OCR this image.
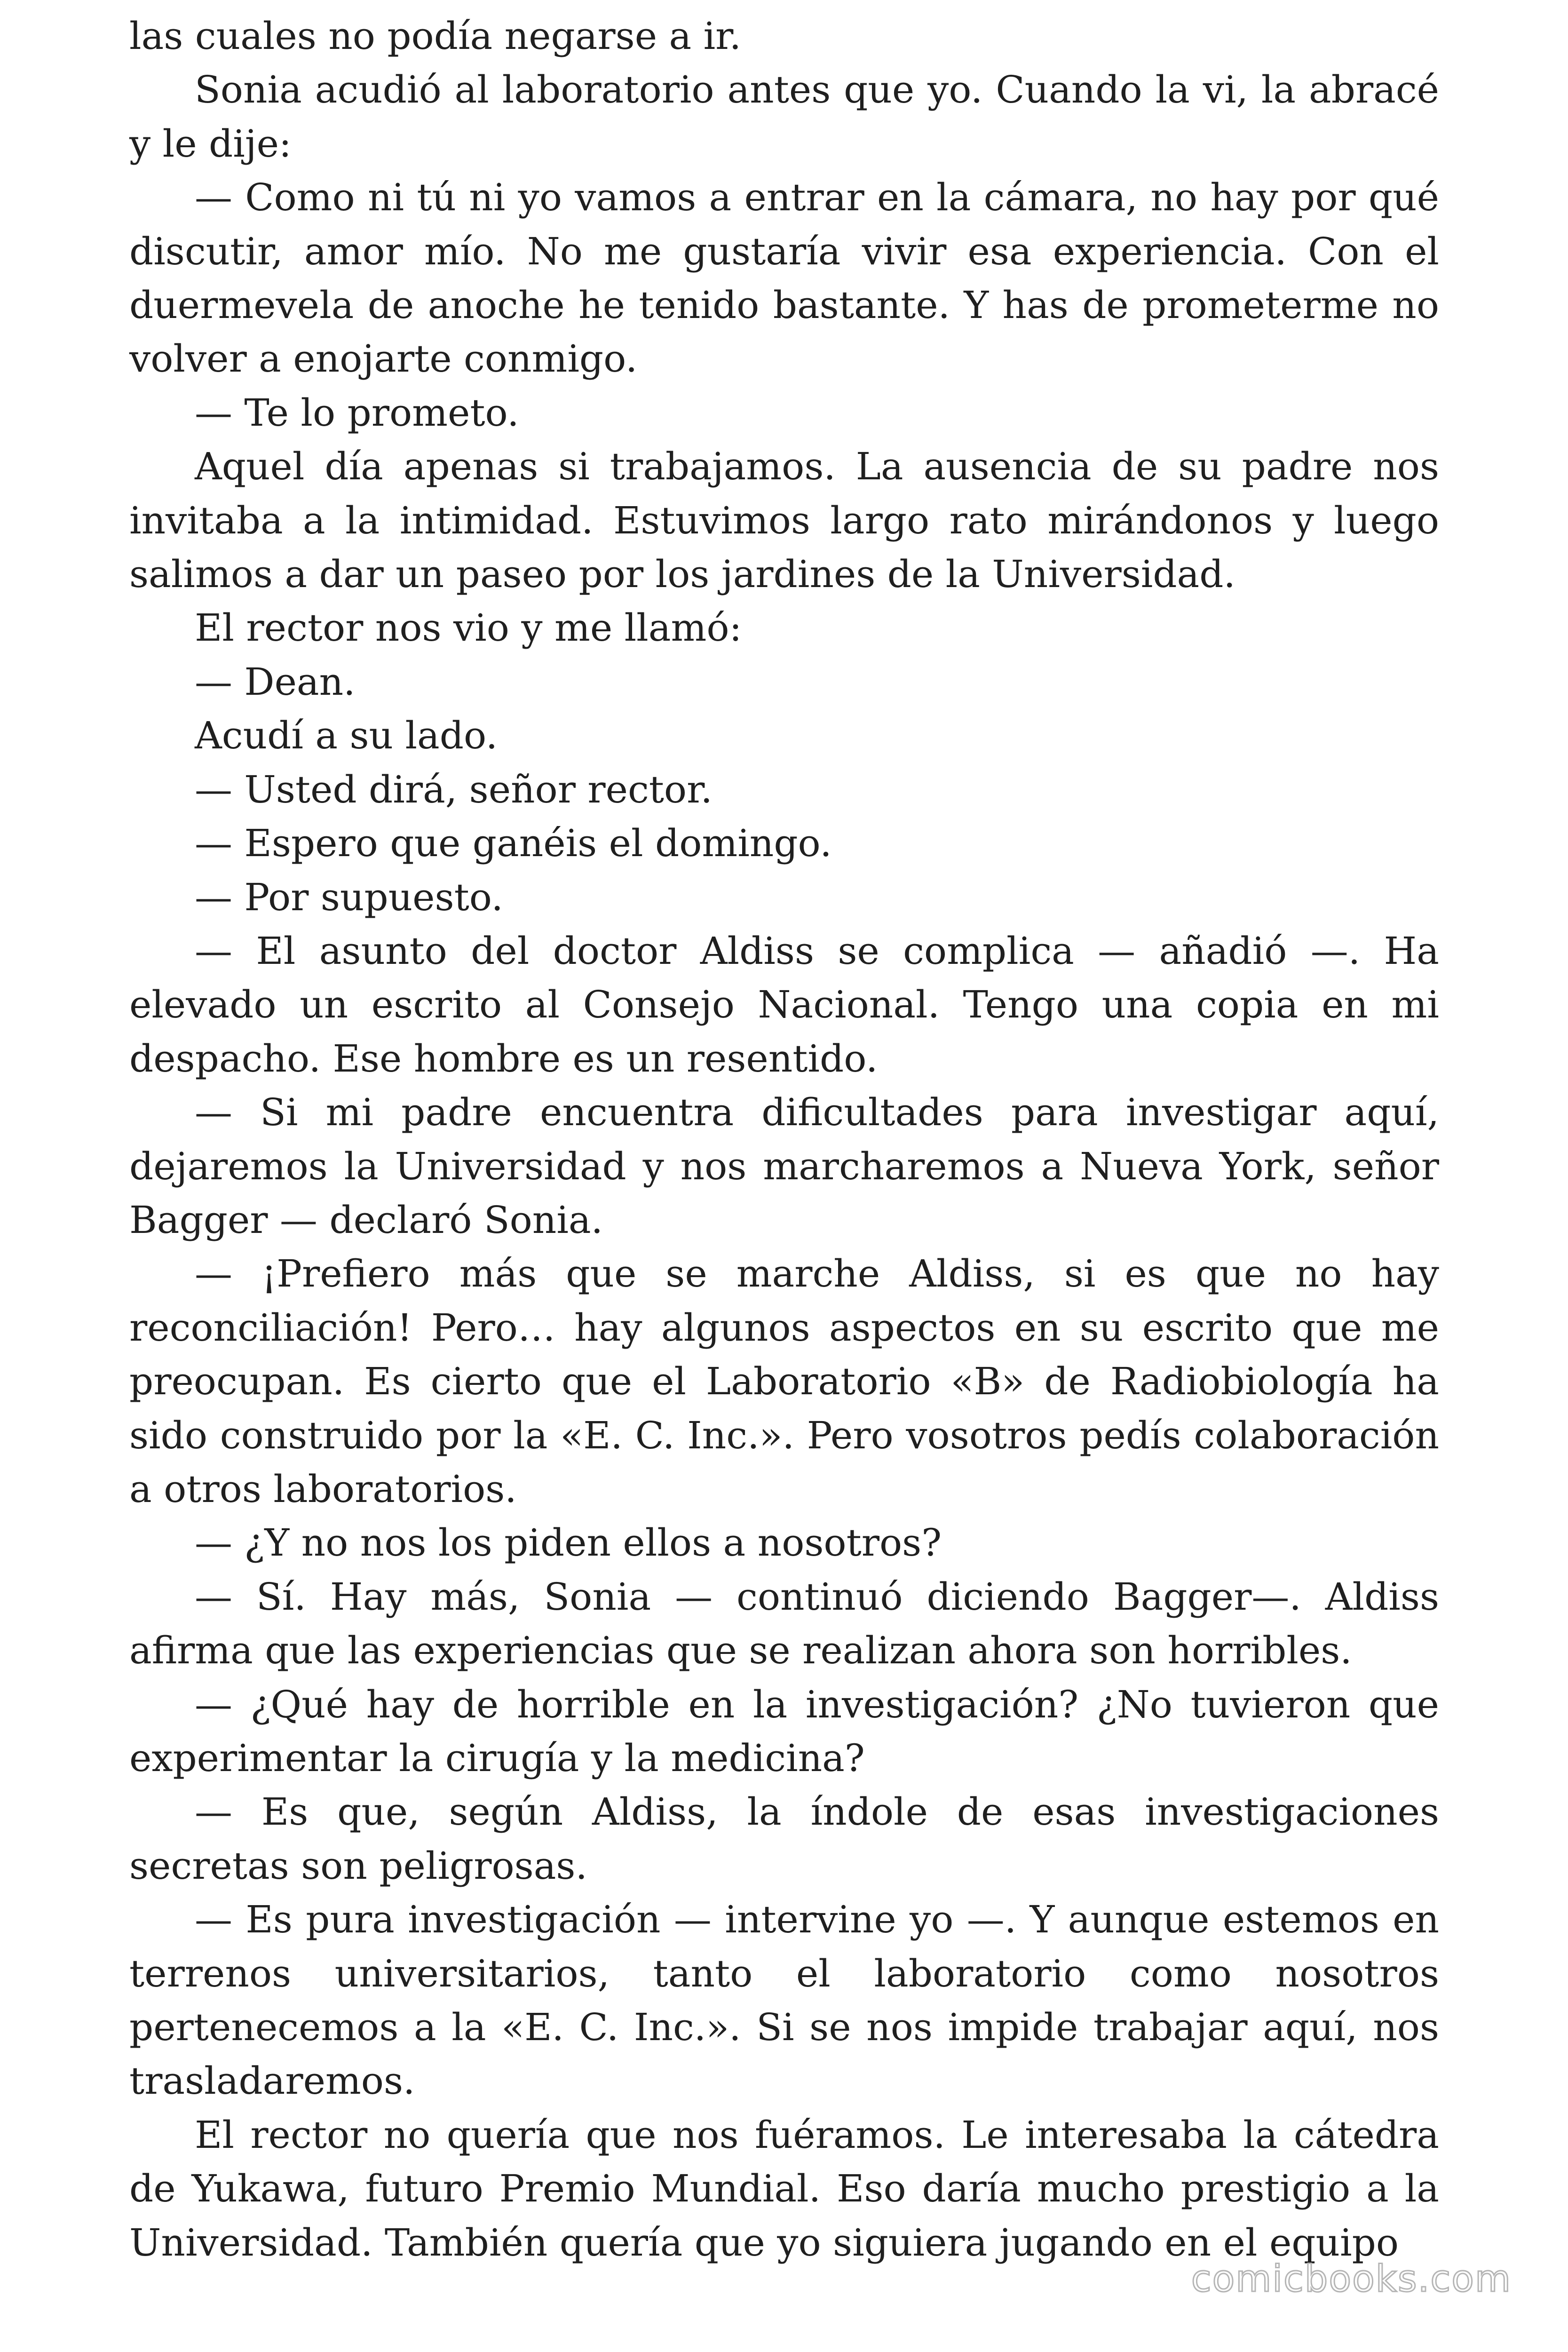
las cuales no podía negarse a ir.

Sonia acudió al laboratorio antes que yo. Cuando la vi, la abracé y le dije:

— Como ni tú ni yo vamos a entrar en la cámara, no hay por qué discutir, amor mío. No me gustaría vivir esa experiencia. Con el duermevela de anoche he tenido bastante. Y has de prometerme no volver a enojarte conmigo.

— Te lo prometo.

Aquel día apenas si trabajamos. La ausencia de su padre nos invitaba a la intimidad. Estuvimos largo rato mirándonos y luego salimos a dar un paseo por los jardines de la Universidad.

El rector nos vio y me llamó:

— Dean.

Acudí a su lado.

— Usted dirá, señor rector.

— Espero que ganéis el domingo.

— Por supuesto.

— El asunto del doctor Aldiss se complica — añadió —. Ha elevado un escrito al Consejo Nacional. Tengo una copia en mi despacho. Ese hombre es un resentido.

— Si mi padre encuentra dificultades para investigar aquí, dejaremos la Universidad y nos marcharemos a Nueva York, señor Bagger — declaró Sonia.

— ¡Prefiero más que se marche Aldiss, si es que no hay reconciliación! Pero… hay algunos aspectos en su escrito que me preocupan. Es cierto que el Laboratorio «B» de Radiobiología ha sido construido por la «E. C. Inc.». Pero vosotros pedís colaboración a otros laboratorios.

— ¿Y no nos los piden ellos a nosotros?

— Sí. Hay más, Sonia — continuó diciendo Bagger—. Aldiss afirma que las experiencias que se realizan ahora son horribles.

— ¿Qué hay de horrible en la investigación? ¿No tuvieron que experimentar la cirugía y la medicina?

— Es que, según Aldiss, la índole de esas investigaciones secretas son peligrosas.

— Es pura investigación — intervine yo —. Y aunque estemos en terrenos universitarios, tanto el laboratorio como nosotros pertenecemos a la «E. C. Inc.». Si se nos impide trabajar aquí, nos trasladaremos.

El rector no quería que nos fuéramos. Le interesaba la cátedra de Yukawa, futuro Premio Mundial. Eso daría mucho prestigio a la Universidad. También quería que yo siguiera jugando en el equipo

comicbooks.com
